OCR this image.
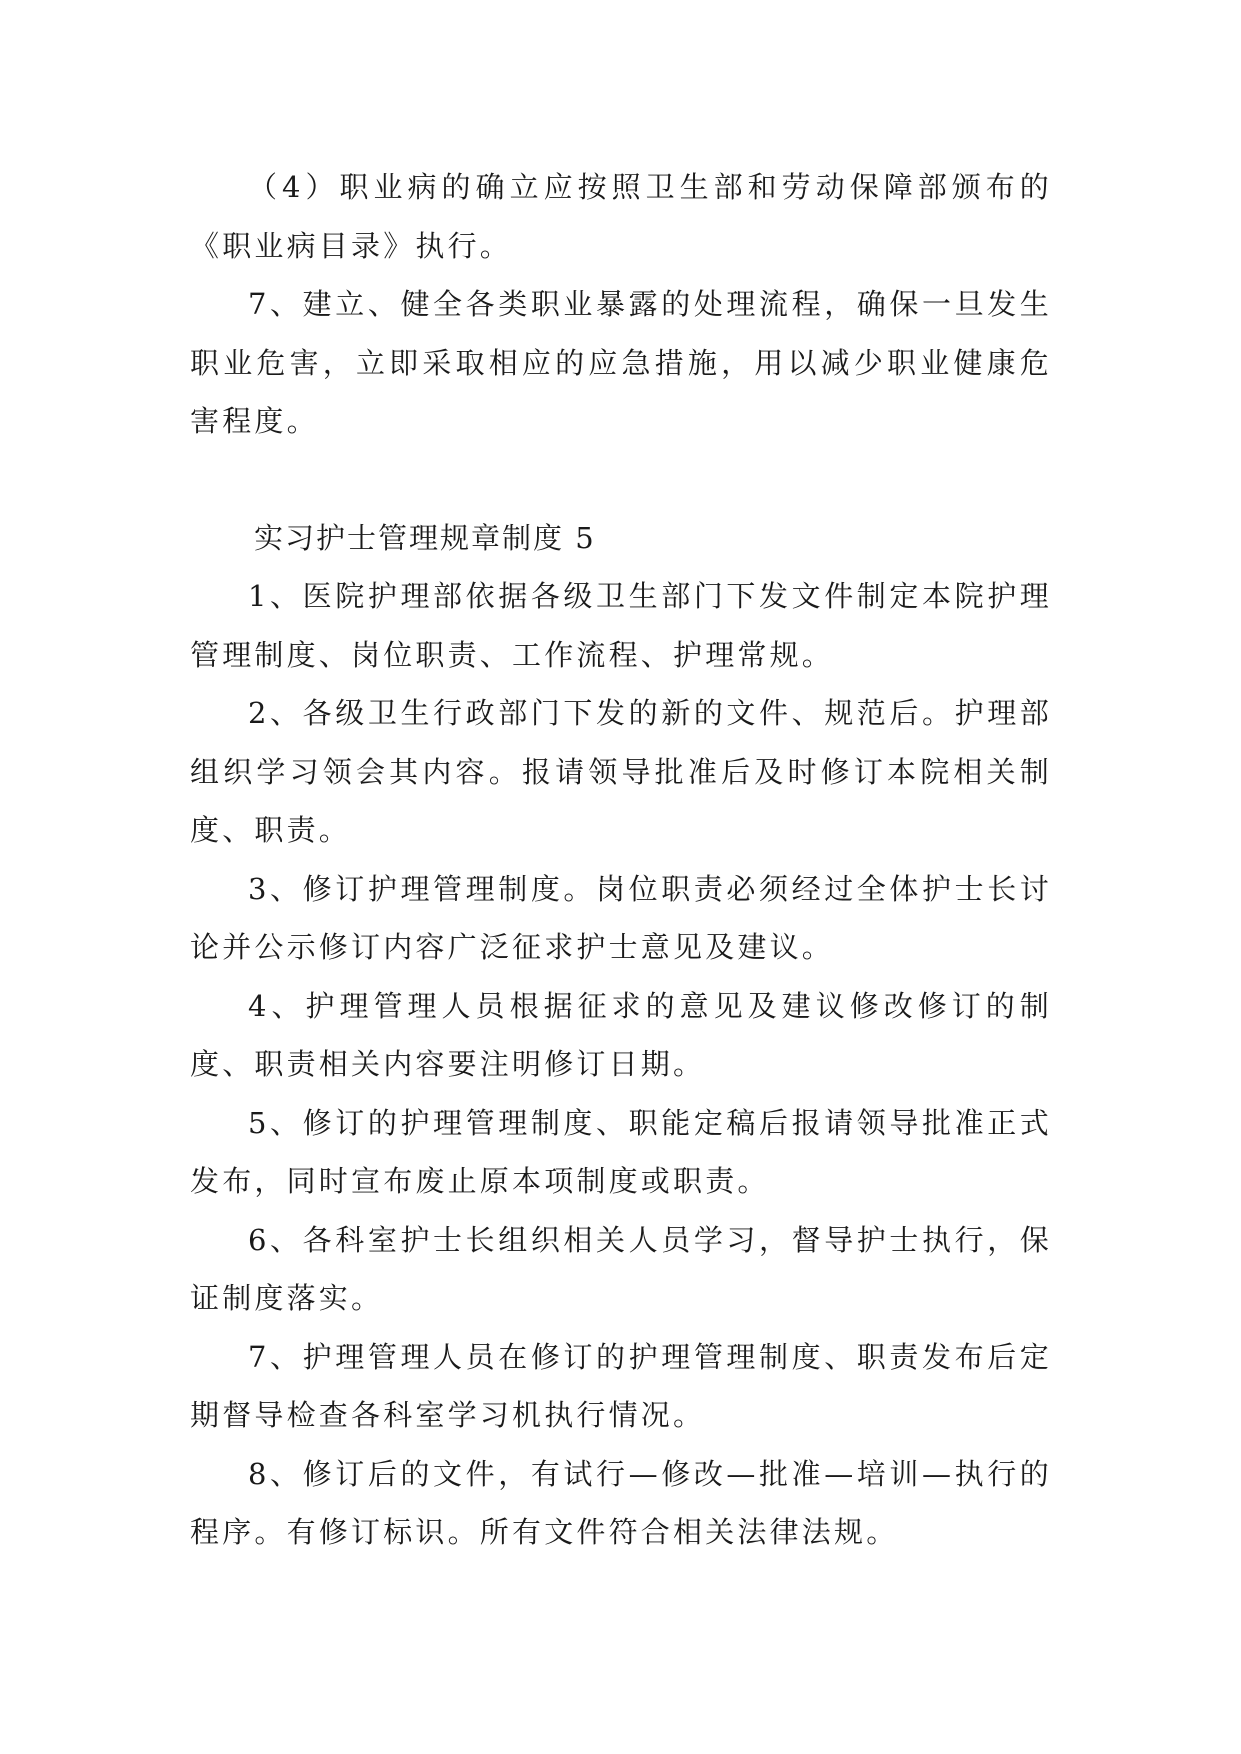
（4）职业病的确立应按照卫生部和劳动保障部颁布的《职业病目录》执行。

7、建立、健全各类职业暴露的处理流程，确保一旦发生职业危害，立即采取相应的应急措施，用以减少职业健康危害程度。

实习护士管理规章制度 5

1、医院护理部依据各级卫生部门下发文件制定本院护理管理制度、岗位职责、工作流程、护理常规。

2、各级卫生行政部门下发的新的文件、规范后。护理部组织学习领会其内容。报请领导批准后及时修订本院相关制度、职责。

3、修订护理管理制度。岗位职责必须经过全体护士长讨论并公示修订内容广泛征求护士意见及建议。

4、护理管理人员根据征求的意见及建议修改修订的制度、职责相关内容要注明修订日期。

5、修订的护理管理制度、职能定稿后报请领导批准正式发布，同时宣布废止原本项制度或职责。

6、各科室护士长组织相关人员学习，督导护士执行，保证制度落实。

7、护理管理人员在修订的护理管理制度、职责发布后定期督导检查各科室学习机执行情况。

8、修订后的文件，有试行—修改—批准—培训—执行的程序。有修订标识。所有文件符合相关法律法规。
